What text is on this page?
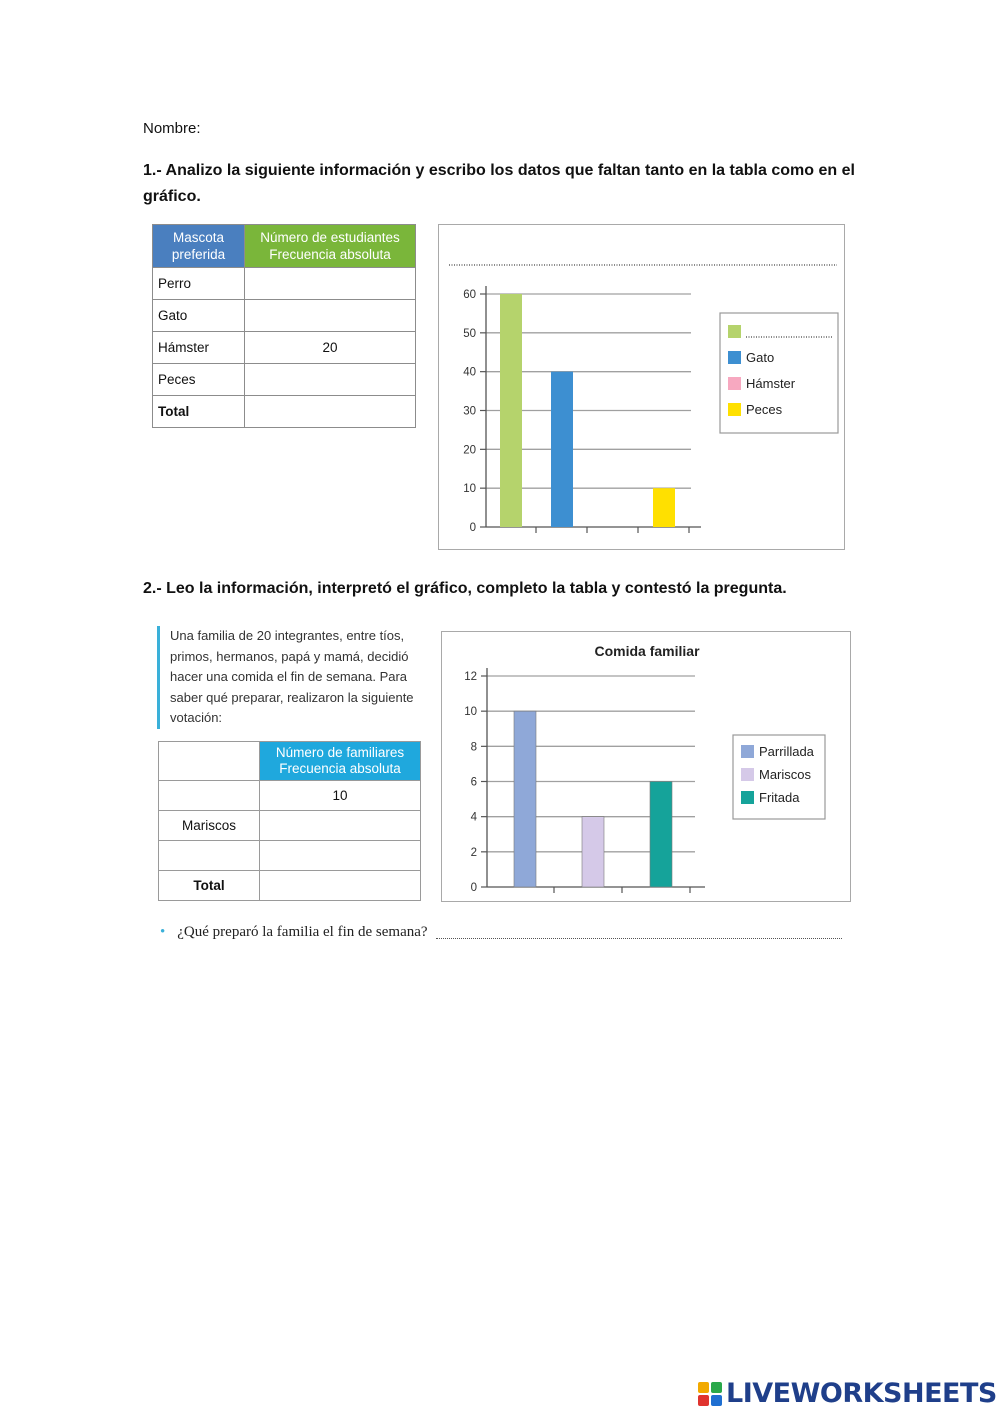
Nombre:
1.- Analizo la siguiente información y escribo los datos que faltan tanto en la tabla como en el gráfico.
Mascota preferida	Número de estudiantes Frecuencia absoluta
Perro	
Gato	
Hámster	20
Peces	
Total	
0
10
20
30
40
50
60
Gato
Hámster
Peces
2.- Leo la información, interpretó el gráfico, completo la tabla y contestó la pregunta.
Una familia de 20 integrantes, entre tíos, primos, hermanos, papá y mamá, decidió hacer una comida el fin de semana. Para saber qué preparar, realizaron la siguiente votación:
	Número de familiares Frecuencia absoluta
	10
Mariscos	

Total	
Comida familiar
0
2
4
6
8
10
12
Parrillada
Mariscos
Fritada
• ¿Qué preparó la familia el fin de semana?
LIVEWORKSHEETS
